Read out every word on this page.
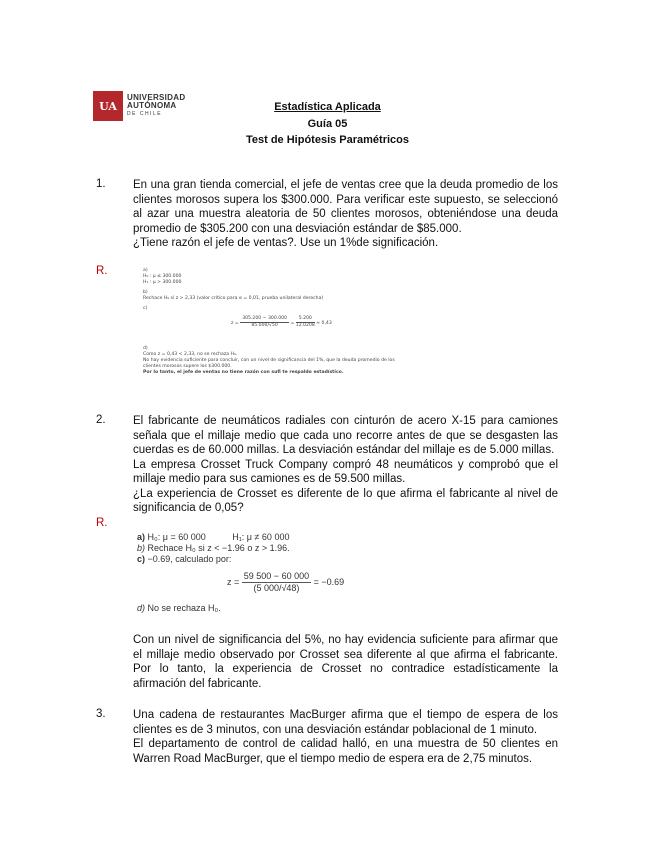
UA
UNIVERSIDAD
AUTÓNOMA
DE CHILE
Estadística Aplicada
Guía 05
Test de Hipótesis Paramétricos
1. En una gran tienda comercial, el jefe de ventas cree que la deuda promedio de los clientes morosos supera los $300.000. Para verificar este supuesto, se seleccionó al azar una muestra aleatoria de 50 clientes morosos, obteniéndose una deuda promedio de $305.200 con una desviación estándar de $85.000.

¿Tiene razón el jefe de ventas?. Use un 1%de significación.

R.	a)
H₀ : μ ≤ 300.000
H₁ : μ > 300.000
b)
Rechace H₀ si z > 2,33 (valor crítico para α = 0,01, prueba unilateral derecha)
c)
$z = \frac{305.200 - 300.000}{85.000/√50} = \frac{5.200}{12.0208} \approx 0,43$
d)
Como z = 0,43 < 2,33, no se rechaza H₀.
No hay evidencia suficiente para concluir, con un nivel de significancia del 1%, que la deuda promedio de los
clientes morosos supere los $300.000.
Por lo tanto, el jefe de ventas no tiene razón con sufi te respaldo estadístico.
2. El fabricante de neumáticos radiales con cinturón de acero X-15 para camiones señala que el millaje medio que cada uno recorre antes de que se desgasten las cuerdas es de 60.000 millas. La desviación estándar del millaje es de 5.000 millas.

La empresa Crosset Truck Company compró 48 neumáticos y comprobó que el millaje medio para sus camiones es de 59.500 millas.

¿La experiencia de Crosset es diferente de lo que afirma el fabricante al nivel de significancia de 0,05?

R.
a) H₀: μ = 60 000	H₁: μ ≠ 60 000
b) Rechace H₀ si z < −1.96 o z > 1.96.
c) −0.69, calculado por:
$z = \frac{59 500 - 60 000}{(5 000/√48)} = -0.69$
d) No se rechaza H₀.

Con un nivel de significancia del 5%, no hay evidencia suficiente para afirmar que el millaje medio observado por Crosset sea diferente al que afirma el fabricante. Por lo tanto, la experiencia de Crosset no contradice estadísticamente la afirmación del fabricante.

3. Una cadena de restaurantes MacBurger afirma que el tiempo de espera de los clientes es de 3 minutos, con una desviación estándar poblacional de 1 minuto.

El departamento de control de calidad halló, en una muestra de 50 clientes en Warren Road MacBurger, que el tiempo medio de espera era de 2,75 minutos.
